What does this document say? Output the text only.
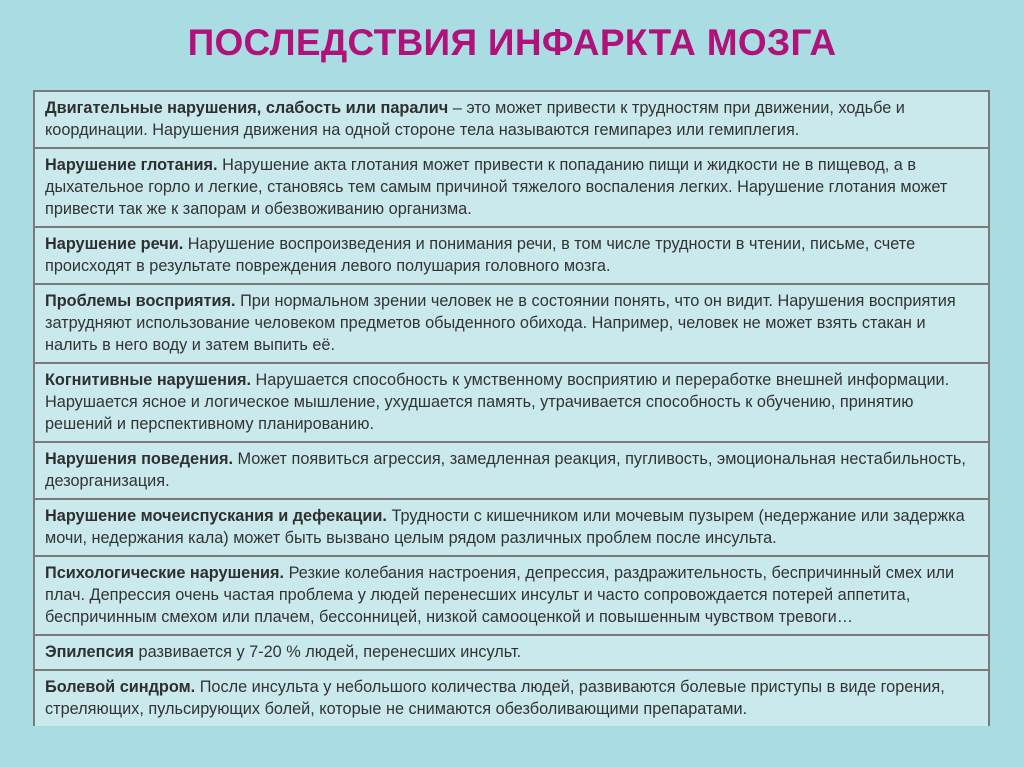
ПОСЛЕДСТВИЯ ИНФАРКТА МОЗГА
Двигательные нарушения, слабость или паралич – это может привести к трудностям при движении, ходьбе и координации. Нарушения движения на одной стороне тела называются гемипарез или гемиплегия.
Нарушение глотания. Нарушение акта глотания может привести к попаданию пищи и жидкости не в пищевод, а в дыхательное горло и легкие, становясь тем самым причиной тяжелого воспаления легких. Нарушение глотания может привести так же к запорам и обезвоживанию организма.
Нарушение речи. Нарушение воспроизведения и понимания речи, в том числе трудности в чтении, письме, счете происходят в результате повреждения левого полушария головного мозга.
Проблемы восприятия. При нормальном зрении человек не в состоянии понять, что он видит. Нарушения восприятия затрудняют использование человеком предметов обыденного обихода. Например, человек не может взять стакан и налить в него воду и затем выпить её.
Когнитивные нарушения. Нарушается способность к умственному восприятию и переработке внешней информации. Нарушается ясное и логическое мышление, ухудшается память, утрачивается способность к обучению, принятию решений и перспективному планированию.
Нарушения поведения. Может появиться агрессия, замедленная реакция, пугливость, эмоциональная нестабильность, дезорганизация.
Нарушение мочеиспускания и дефекации. Трудности с кишечником или мочевым пузырем (недержание или задержка мочи, недержания кала) может быть вызвано целым рядом различных проблем после инсульта.
Психологические нарушения. Резкие колебания настроения, депрессия, раздражительность, беспричинный смех или плач. Депрессия очень частая проблема у людей перенесших инсульт и часто сопровождается потерей аппетита, беспричинным смехом или плачем, бессонницей, низкой самооценкой и повышенным чувством тревоги…
Эпилепсия развивается у 7-20 % людей, перенесших инсульт.
Болевой синдром. После инсульта у небольшого количества людей, развиваются болевые приступы в виде горения, стреляющих, пульсирующих болей, которые не снимаются обезболивающими препаратами.
